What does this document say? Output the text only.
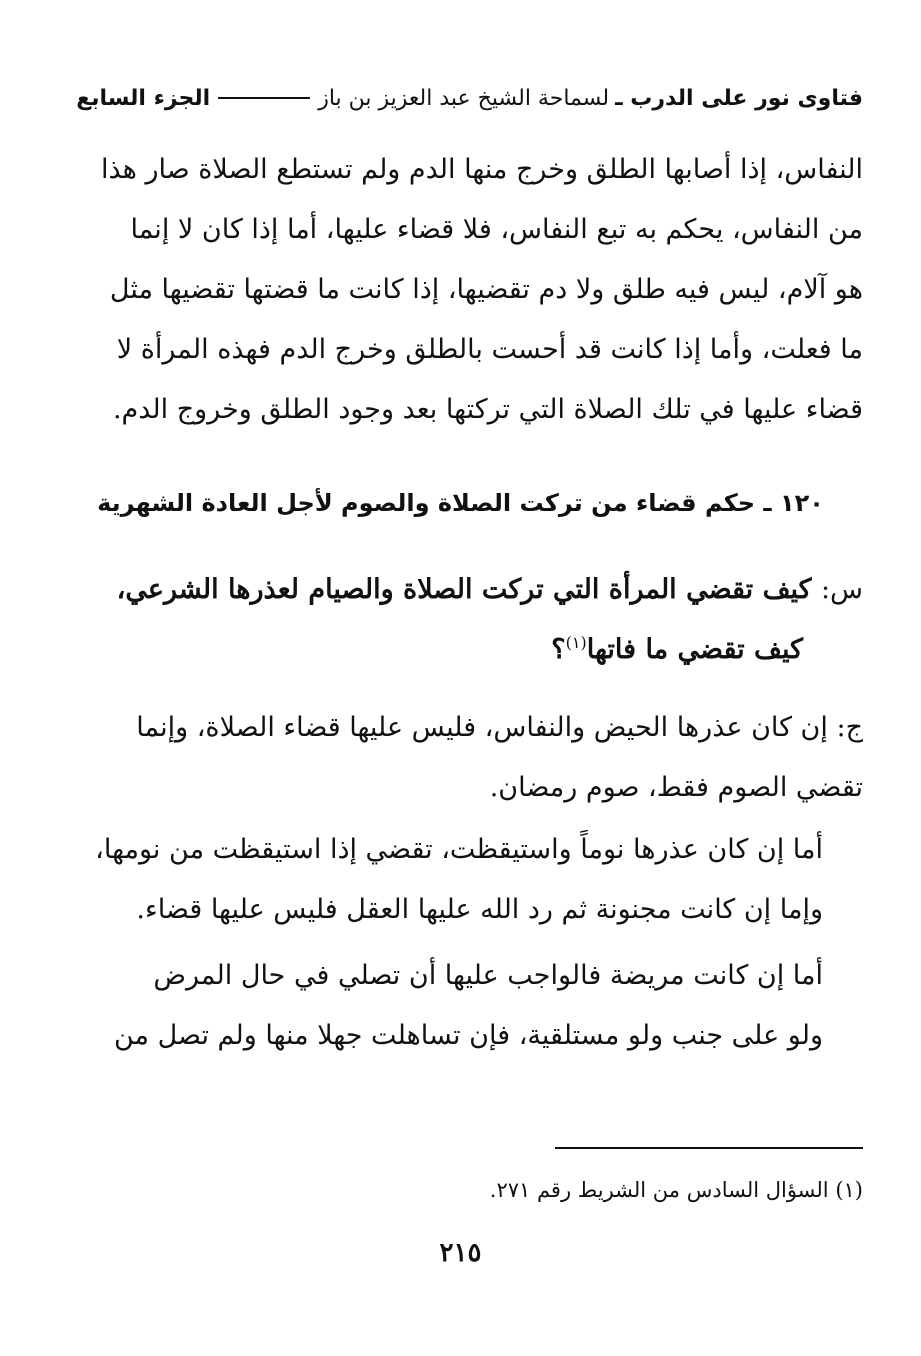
فتاوى نور على الدرب ـ
لسماحة الشيخ عبد العزيز بن باز
الجزء السابع
النفاس، إذا أصابها الطلق وخرج منها الدم ولم تستطع الصلاة صار هذا
من النفاس، يحكم به تبع النفاس، فلا قضاء عليها، أما إذا كان لا إنما
هو آلام، ليس فيه طلق ولا دم تقضيها، إذا كانت ما قضتها تقضيها مثل
ما فعلت، وأما إذا كانت قد أحست بالطلق وخرج الدم فهذه المرأة لا
قضاء عليها في تلك الصلاة التي تركتها بعد وجود الطلق وخروج الدم.
١٢٠ ـ حكم قضاء من تركت الصلاة والصوم لأجل العادة الشهرية
س: كيف تقضي المرأة التي تركت الصلاة والصيام لعذرها الشرعي،
كيف تقضي ما فاتها$^{(١)}$؟
ج: إن كان عذرها الحيض والنفاس، فليس عليها قضاء الصلاة، وإنما
تقضي الصوم فقط، صوم رمضان.
أما إن كان عذرها نوماً واستيقظت، تقضي إذا استيقظت من نومها،
وإما إن كانت مجنونة ثم رد الله عليها العقل فليس عليها قضاء.
أما إن كانت مريضة فالواجب عليها أن تصلي في حال المرض
ولو على جنب ولو مستلقية، فإن تساهلت جهلا منها ولم تصل من
(١) السؤال السادس من الشريط رقم ٢٧١.
٢١٥
